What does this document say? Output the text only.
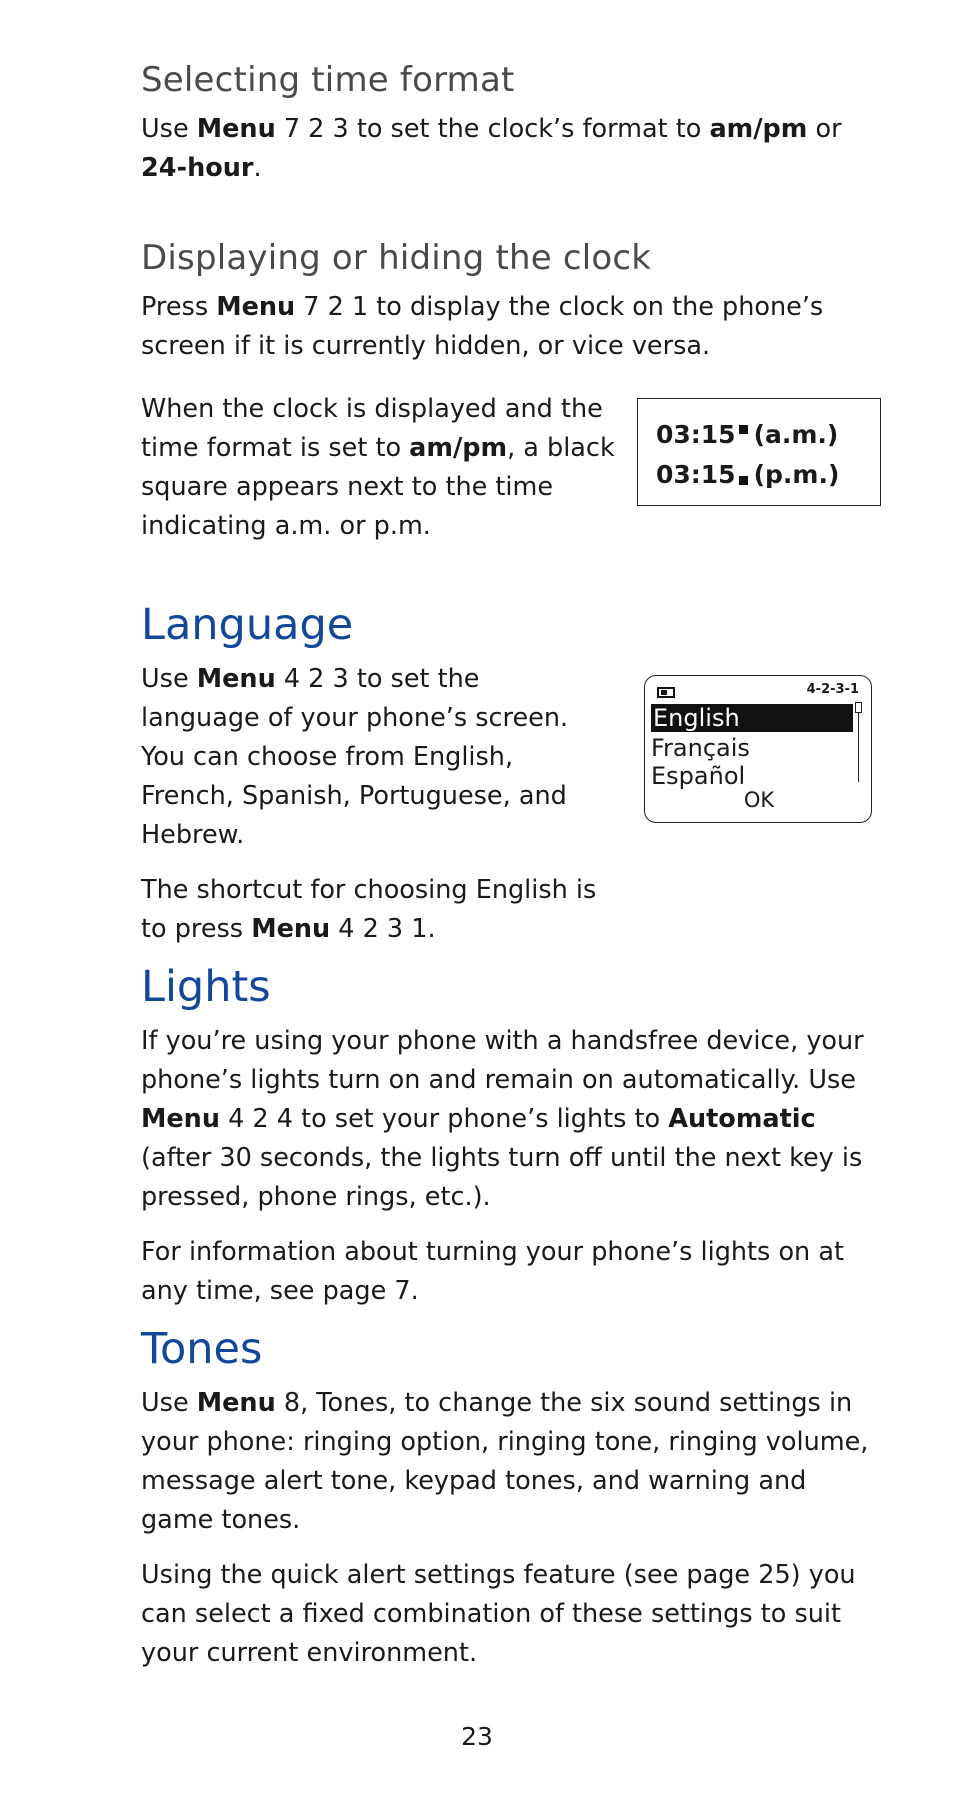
Selecting time format

Use Menu 7 2 3 to set the clock’s format to am/pm or 24-hour.

Displaying or hiding the clock

Press Menu 7 2 1 to display the clock on the phone’s screen if it is currently hidden, or vice versa.

When the clock is displayed and the time format is set to am/pm, a black square appears next to the time indicating a.m. or p.m.

03:15 (a.m.)
03:15 (p.m.)
Language

Use Menu 4 2 3 to set the language of your phone’s screen. You can choose from English, French, Spanish, Portuguese, and Hebrew.

The shortcut for choosing English is to press Menu 4 2 3 1.

4-2-3-1
English
Français
Español
OK
Lights

If you’re using your phone with a handsfree device, your phone’s lights turn on and remain on automatically. Use Menu 4 2 4 to set your phone’s lights to Automatic (after 30 seconds, the lights turn off until the next key is pressed, phone rings, etc.).

For information about turning your phone’s lights on at any time, see page 7.

Tones

Use Menu 8, Tones, to change the six sound settings in your phone: ringing option, ringing tone, ringing volume, message alert tone, keypad tones, and warning and game tones.

Using the quick alert settings feature (see page 25) you can select a fixed combination of these settings to suit your current environment.

23
